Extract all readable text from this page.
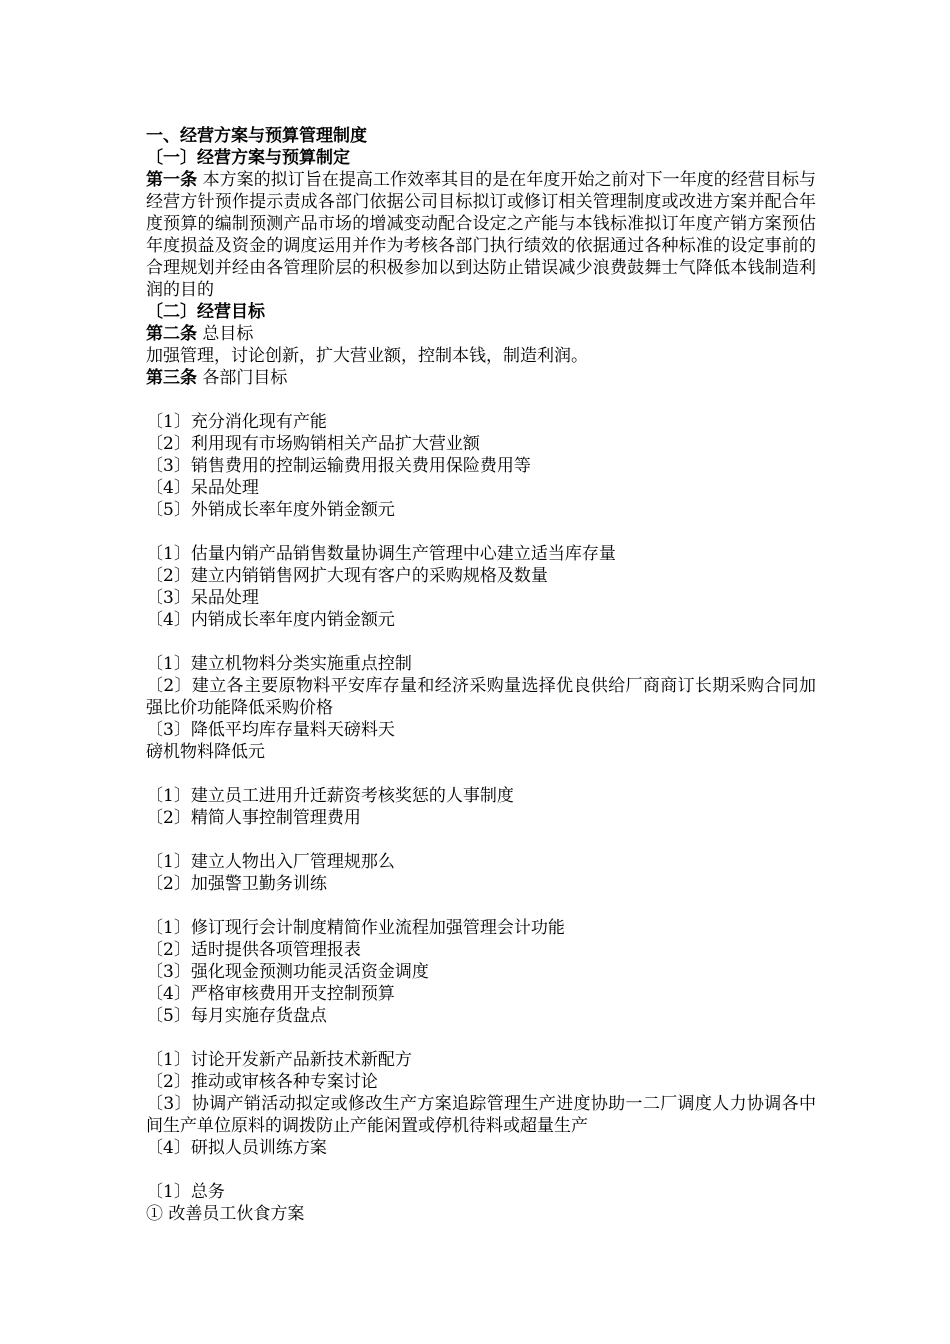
一、经营方案与预算管理制度
〔一〕经营方案与预算制定
第一条 本方案的拟订旨在提高工作效率其目的是在年度开始之前对下一年度的经营目标与经营方针预作提示责成各部门依据公司目标拟订或修订相关管理制度或改进方案并配合年度预算的编制预测产品市场的增减变动配合设定之产能与本钱标准拟订年度产销方案预估年度损益及资金的调度运用并作为考核各部门执行绩效的依据通过各种标准的设定事前的合理规划并经由各管理阶层的积极参加以到达防止错误减少浪费鼓舞士气降低本钱制造利润的目的
〔二〕经营目标
第二条 总目标
加强管理，讨论创新，扩大营业额，控制本钱，制造利润。
第三条 各部门目标
〔1〕充分消化现有产能
〔2〕利用现有市场购销相关产品扩大营业额
〔3〕销售费用的控制运输费用报关费用保险费用等
〔4〕呆品处理
〔5〕外销成长率年度外销金额元
〔1〕估量内销产品销售数量协调生产管理中心建立适当库存量
〔2〕建立内销销售网扩大现有客户的采购规格及数量
〔3〕呆品处理
〔4〕内销成长率年度内销金额元
〔1〕建立机物料分类实施重点控制
〔2〕建立各主要原物料平安库存量和经济采购量选择优良供给厂商商订长期采购合同加强比价功能降低采购价格
〔3〕降低平均库存量料天磅料天
磅机物料降低元
〔1〕建立员工进用升迁薪资考核奖惩的人事制度
〔2〕精简人事控制管理费用
〔1〕建立人物出入厂管理规那么
〔2〕加强警卫勤务训练
〔1〕修订现行会计制度精简作业流程加强管理会计功能
〔2〕适时提供各项管理报表
〔3〕强化现金预测功能灵活资金调度
〔4〕严格审核费用开支控制预算
〔5〕每月实施存货盘点
〔1〕讨论开发新产品新技术新配方
〔2〕推动或审核各种专案讨论
〔3〕协调产销活动拟定或修改生产方案追踪管理生产进度协助一二厂调度人力协调各中间生产单位原料的调拨防止产能闲置或停机待料或超量生产
〔4〕研拟人员训练方案
〔1〕总务
① 改善员工伙食方案
